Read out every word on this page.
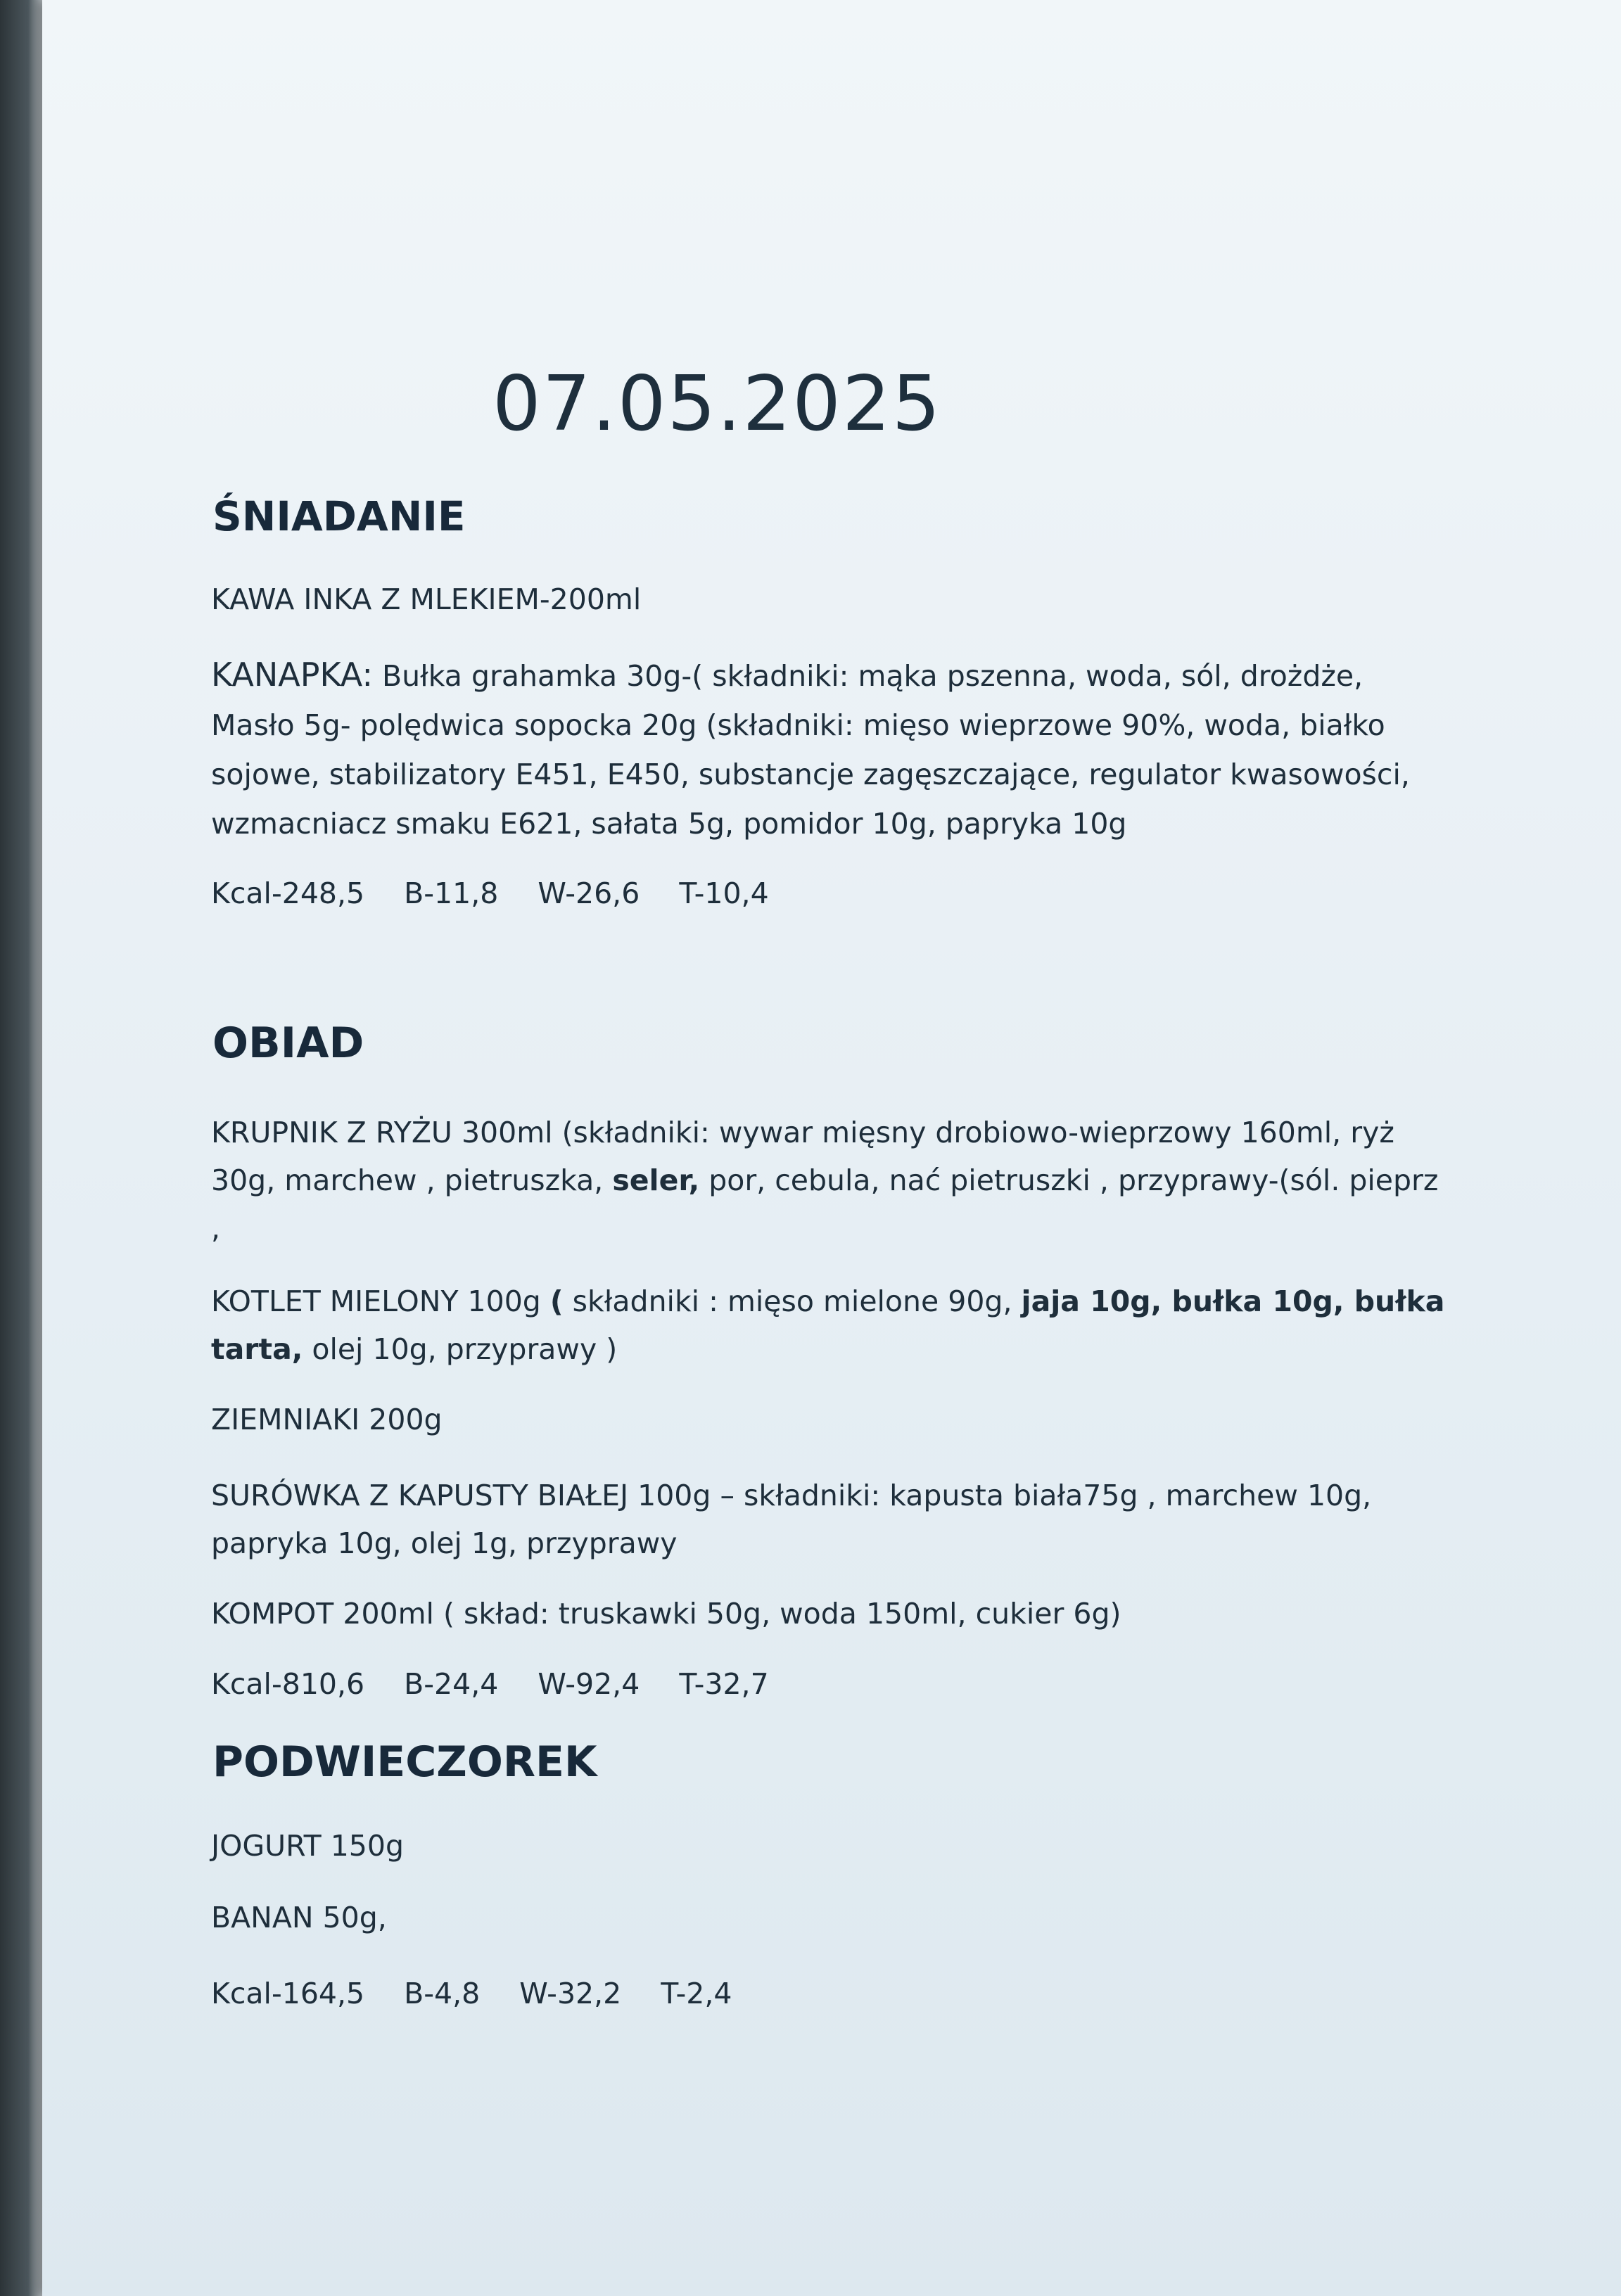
07.05.2025
ŚNIADANIE
KAWA INKA Z MLEKIEM-200ml
KANAPKA: Bułka grahamka 30g-( składniki: mąka pszenna, woda, sól, drożdże, Masło 5g- polędwica sopocka 20g (składniki: mięso wieprzowe 90%, woda, białko sojowe, stabilizatory E451, E450, substancje zagęszczające, regulator kwasowości, wzmacniacz smaku E621, sałata 5g, pomidor 10g, papryka 10g
Kcal-248,5 B-11,8 W-26,6 T-10,4
OBIAD
KRUPNIK Z RYŻU 300ml (składniki: wywar mięsny drobiowo-wieprzowy 160ml, ryż 30g, marchew , pietruszka, seler, por, cebula, nać pietruszki , przyprawy-(sól. pieprz ,
KOTLET MIELONY 100g ( składniki : mięso mielone 90g, jaja 10g, bułka 10g, bułka tarta, olej 10g, przyprawy )
ZIEMNIAKI 200g
SURÓWKA Z KAPUSTY BIAŁEJ 100g – składniki: kapusta biała75g , marchew 10g, papryka 10g, olej 1g, przyprawy
KOMPOT 200ml ( skład: truskawki 50g, woda 150ml, cukier 6g)
Kcal-810,6 B-24,4 W-92,4 T-32,7
PODWIECZOREK
JOGURT 150g
BANAN 50g,
Kcal-164,5 B-4,8 W-32,2 T-2,4
